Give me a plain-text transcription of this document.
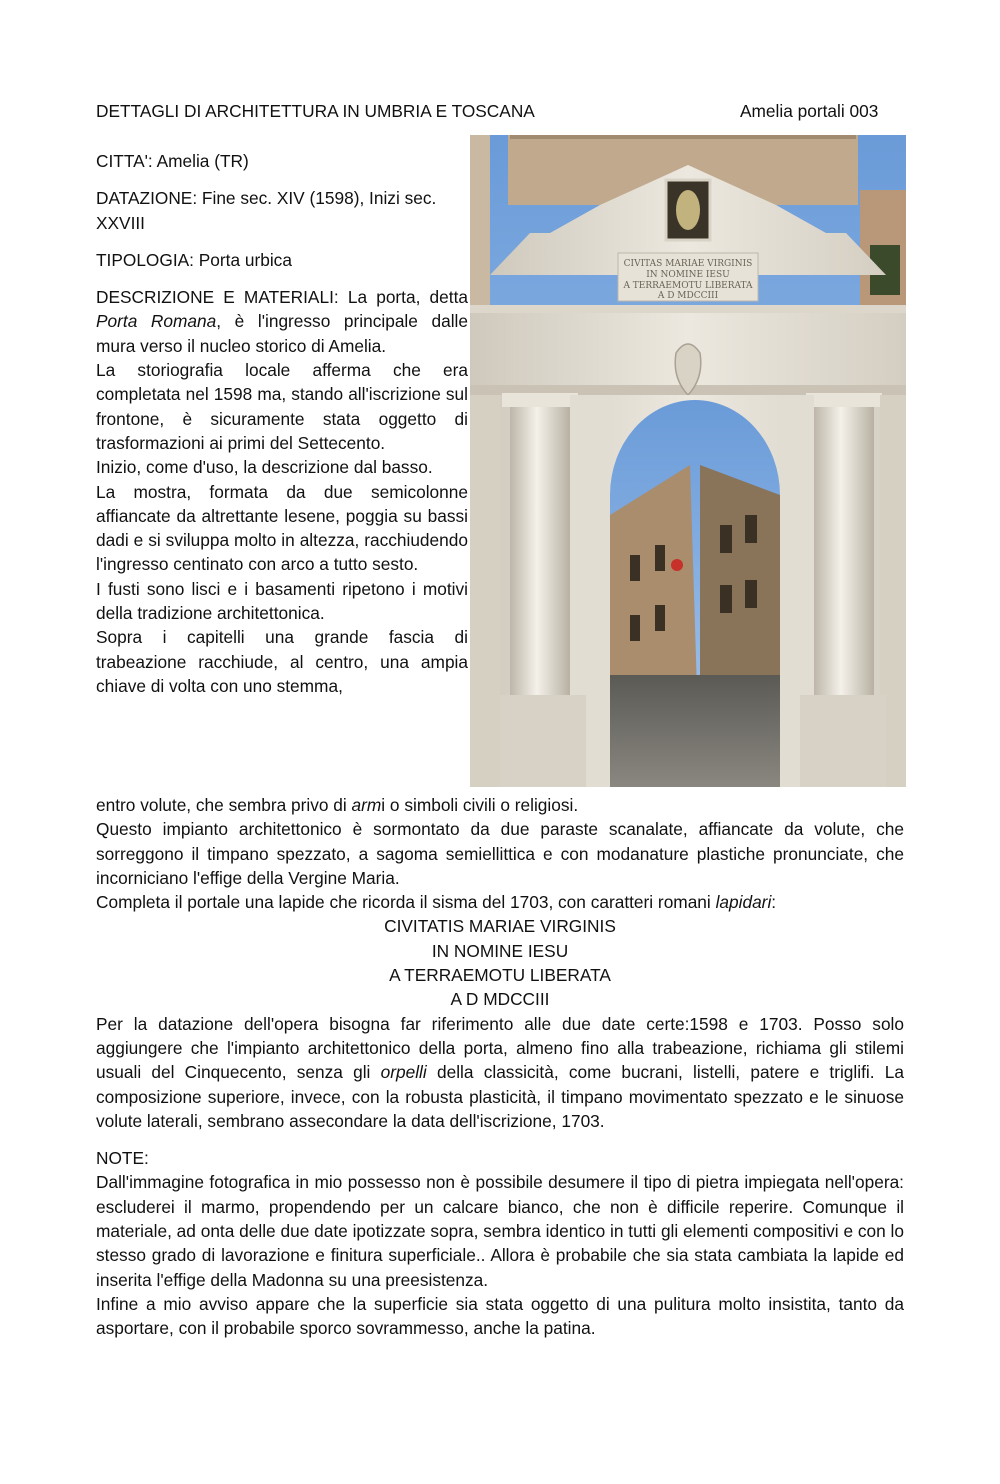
DETTAGLI DI ARCHITETTURA IN UMBRIA E TOSCANA	Amelia portali 003
CIVITAS MARIAE VIRGINIS
IN NOMINE IESU
A TERRAEMOTU LIBERATA
A D MDCCIII

CITTA': Amelia (TR)

DATAZIONE: Fine sec. XIV (1598), Inizi sec. XXVIII

TIPOLOGIA: Porta urbica

DESCRIZIONE E MATERIALI: La porta, detta Porta Romana, è l'ingresso principale dalle mura verso il nucleo storico di Amelia.

La storiografia locale afferma che era completata nel 1598 ma, stando all'iscrizione sul frontone, è sicuramente stata oggetto di trasformazioni ai primi del Settecento.

Inizio, come d'uso, la descrizione dal basso.

La mostra, formata da due semicolonne affiancate da altrettante lesene, poggia su bassi dadi e si sviluppa molto in altezza, racchiudendo l'ingresso centinato con arco a tutto sesto.

I fusti sono lisci e i basamenti ripetono i motivi della tradizione architettonica.

Sopra i capitelli una grande fascia di trabeazione racchiude, al centro, una ampia chiave di volta con uno stemma,

entro volute, che sembra privo di armi o simboli civili o religiosi.

Questo impianto architettonico è sormontato da due paraste scanalate, affiancate da volute, che sorreggono il timpano spezzato, a sagoma semiellittica e con modanature plastiche pronunciate, che incorniciano l'effige della Vergine Maria.

Completa il portale una lapide che ricorda il sisma del 1703, con caratteri romani lapidari:

CIVITATIS MARIAE VIRGINIS

IN NOMINE IESU

A TERRAEMOTU LIBERATA

A D MDCCIII

Per la datazione dell'opera bisogna far riferimento alle due date certe:1598 e 1703. Posso solo aggiungere che l'impianto architettonico della porta, almeno fino alla trabeazione, richiama gli stilemi usuali del Cinquecento, senza gli orpelli della classicità, come bucrani, listelli, patere e triglifi. La composizione superiore, invece, con la robusta plasticità, il timpano movimentato spezzato e le sinuose volute laterali, sembrano assecondare la data dell'iscrizione, 1703.

NOTE:

Dall'immagine fotografica in mio possesso non è possibile desumere il tipo di pietra impiegata nell'opera: escluderei il marmo, propendendo per un calcare bianco, che non è difficile reperire. Comunque il materiale, ad onta delle due date ipotizzate sopra, sembra identico in tutti gli elementi compositivi e con lo stesso grado di lavorazione e finitura superficiale.. Allora è probabile che sia stata cambiata la lapide ed inserita l'effige della Madonna su una preesistenza.

Infine a mio avviso appare che la superficie sia stata oggetto di una pulitura molto insistita, tanto da asportare, con il probabile sporco sovrammesso, anche la patina.
